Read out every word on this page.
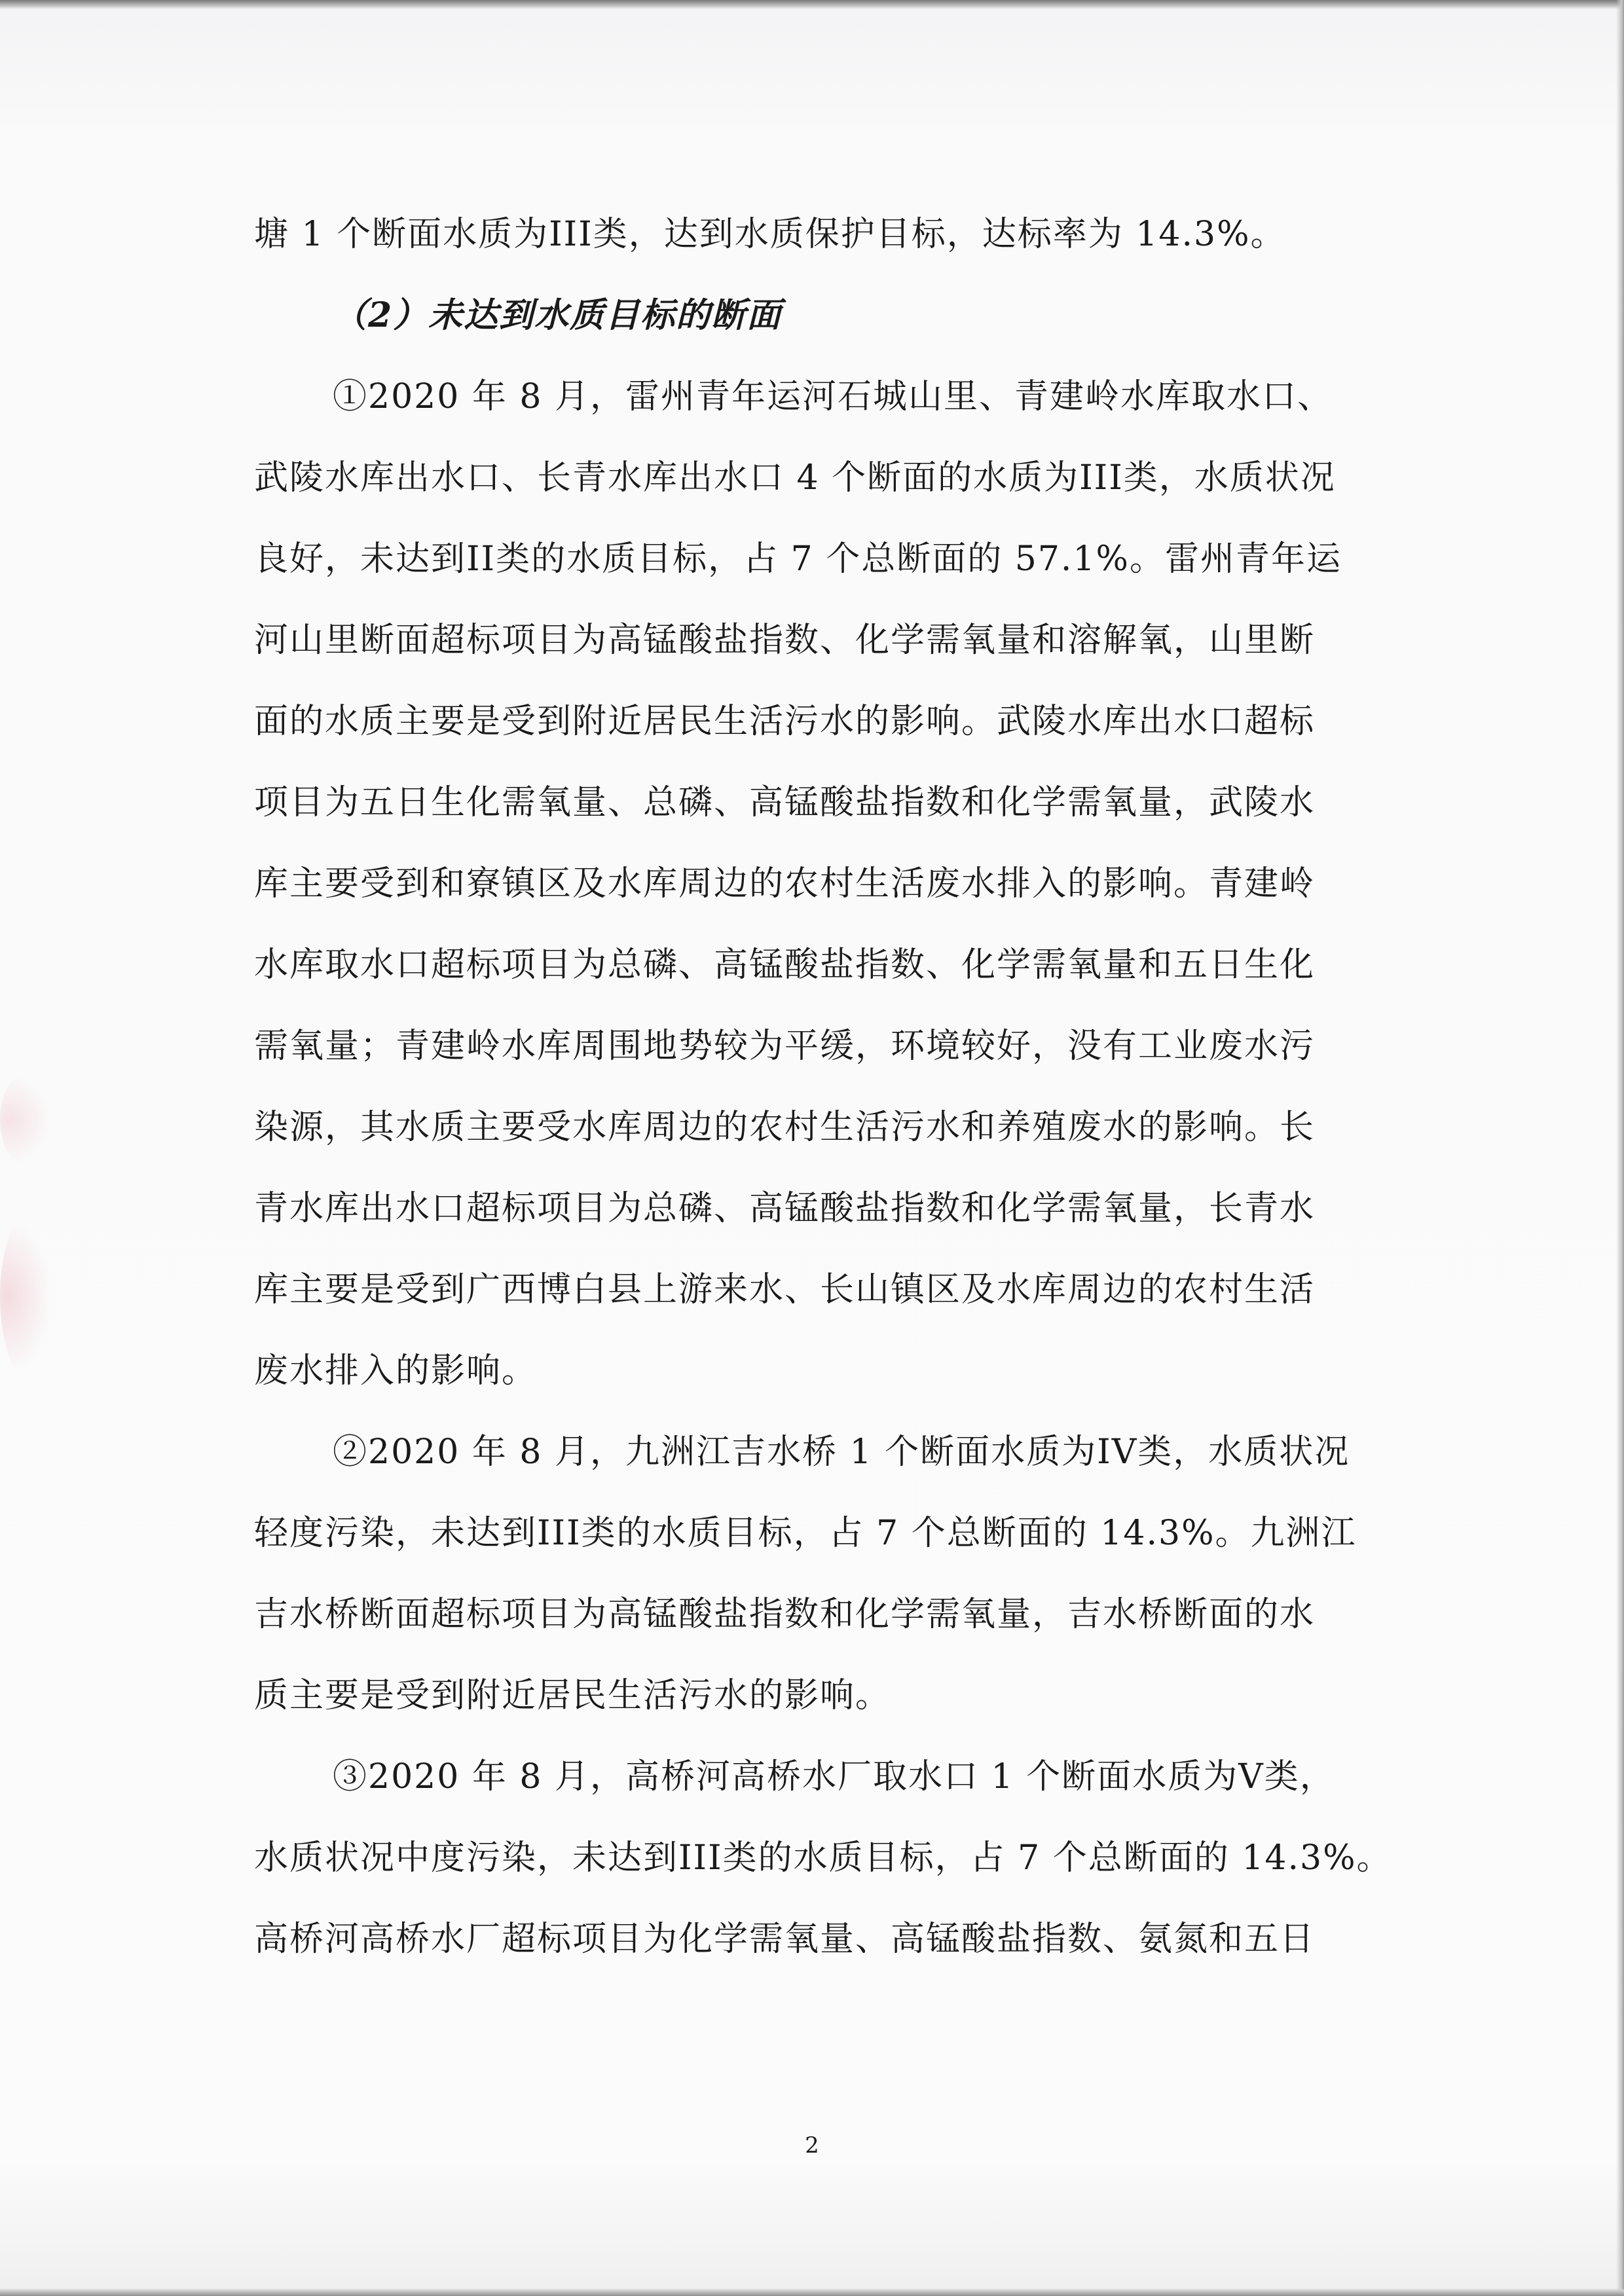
塘 1 个断面水质为III类，达到水质保护目标，达标率为 14.3%。
（2）未达到水质目标的断面
①2020 年 8 月，雷州青年运河石城山里、青建岭水库取水口、
武陵水库出水口、长青水库出水口 4 个断面的水质为III类，水质状况
良好，未达到II类的水质目标，占 7 个总断面的 57.1%。雷州青年运
河山里断面超标项目为高锰酸盐指数、化学需氧量和溶解氧，山里断
面的水质主要是受到附近居民生活污水的影响。武陵水库出水口超标
项目为五日生化需氧量、总磷、高锰酸盐指数和化学需氧量，武陵水
库主要受到和寮镇区及水库周边的农村生活废水排入的影响。青建岭
水库取水口超标项目为总磷、高锰酸盐指数、化学需氧量和五日生化
需氧量；青建岭水库周围地势较为平缓，环境较好，没有工业废水污
染源，其水质主要受水库周边的农村生活污水和养殖废水的影响。长
青水库出水口超标项目为总磷、高锰酸盐指数和化学需氧量，长青水
库主要是受到广西博白县上游来水、长山镇区及水库周边的农村生活
废水排入的影响。
②2020 年 8 月，九洲江吉水桥 1 个断面水质为IV类，水质状况
轻度污染，未达到III类的水质目标，占 7 个总断面的 14.3%。九洲江
吉水桥断面超标项目为高锰酸盐指数和化学需氧量，吉水桥断面的水
质主要是受到附近居民生活污水的影响。
③2020 年 8 月，高桥河高桥水厂取水口 1 个断面水质为V类，
水质状况中度污染，未达到III类的水质目标，占 7 个总断面的 14.3%。
高桥河高桥水厂超标项目为化学需氧量、高锰酸盐指数、氨氮和五日
2
